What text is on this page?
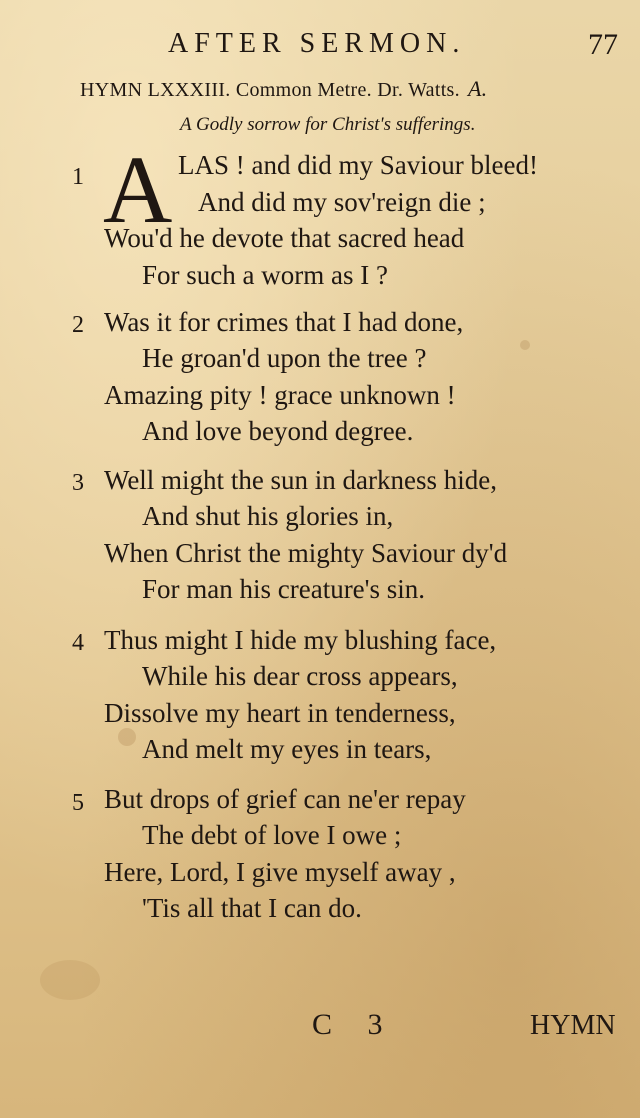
AFTER SERMON.	77
HYMN LXXXIII. Common Metre. Dr. Watts. A.
A Godly sorrow for Christ's sufferings.
1 A LAS ! and did my Saviour bleed!
And did my sov'reign die ;
Wou'd he devote that sacred head
For such a worm as I ?
2 Was it for crimes that I had done,
He groan'd upon the tree ?
Amazing pity ! grace unknown !
And love beyond degree.
3 Well might the sun in darkness hide,
And shut his glories in,
When Christ the mighty Saviour dy'd
For man his creature's sin.
4 Thus might I hide my blushing face,
While his dear cross appears,
Dissolve my heart in tenderness,
And melt my eyes in tears,
5 But drops of grief can ne'er repay
The debt of love I owe ;
Here, Lord, I give myself away ,
'Tis all that I can do.
C 3	HYMN
